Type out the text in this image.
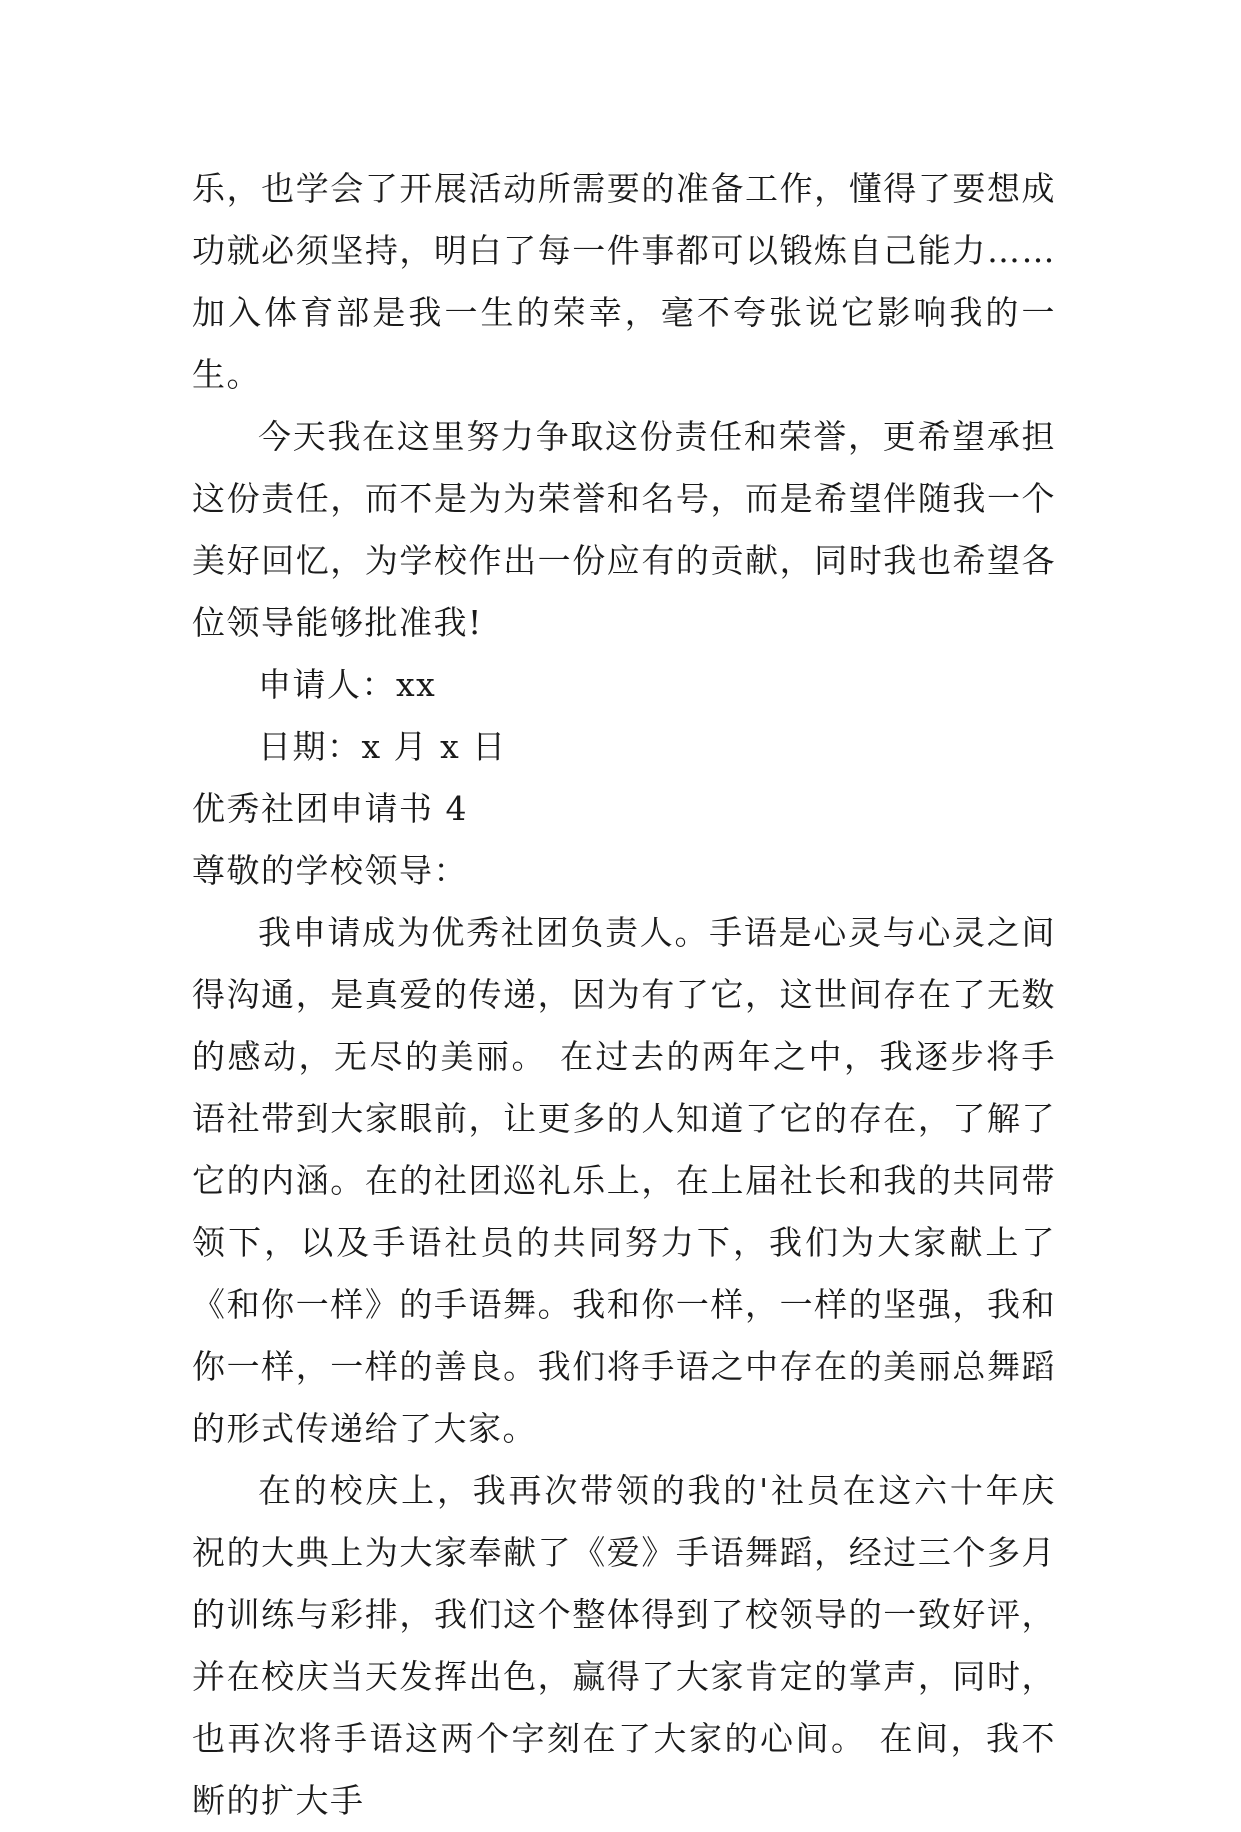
乐，也学会了开展活动所需要的准备工作，懂得了要想成功就必须坚持，明白了每一件事都可以锻炼自己能力……加入体育部是我一生的荣幸，毫不夸张说它影响我的一生。

今天我在这里努力争取这份责任和荣誉，更希望承担这份责任，而不是为为荣誉和名号，而是希望伴随我一个美好回忆，为学校作出一份应有的贡献，同时我也希望各位领导能够批准我!

申请人：xx

日期：x 月 x 日

优秀社团申请书 4

尊敬的学校领导：

我申请成为优秀社团负责人。手语是心灵与心灵之间得沟通，是真爱的传递，因为有了它，这世间存在了无数的感动，无尽的美丽。 在过去的两年之中，我逐步将手语社带到大家眼前，让更多的人知道了它的存在，了解了它的内涵。在的社团巡礼乐上，在上届社长和我的共同带领下，以及手语社员的共同努力下，我们为大家献上了《和你一样》的手语舞。我和你一样，一样的坚强，我和你一样，一样的善良。我们将手语之中存在的美丽总舞蹈的形式传递给了大家。

在的校庆上，我再次带领的我的'社员在这六十年庆祝的大典上为大家奉献了《爱》手语舞蹈，经过三个多月的训练与彩排，我们这个整体得到了校领导的一致好评，并在校庆当天发挥出色，赢得了大家肯定的掌声，同时，也再次将手语这两个字刻在了大家的心间。 在间，我不断的扩大手
